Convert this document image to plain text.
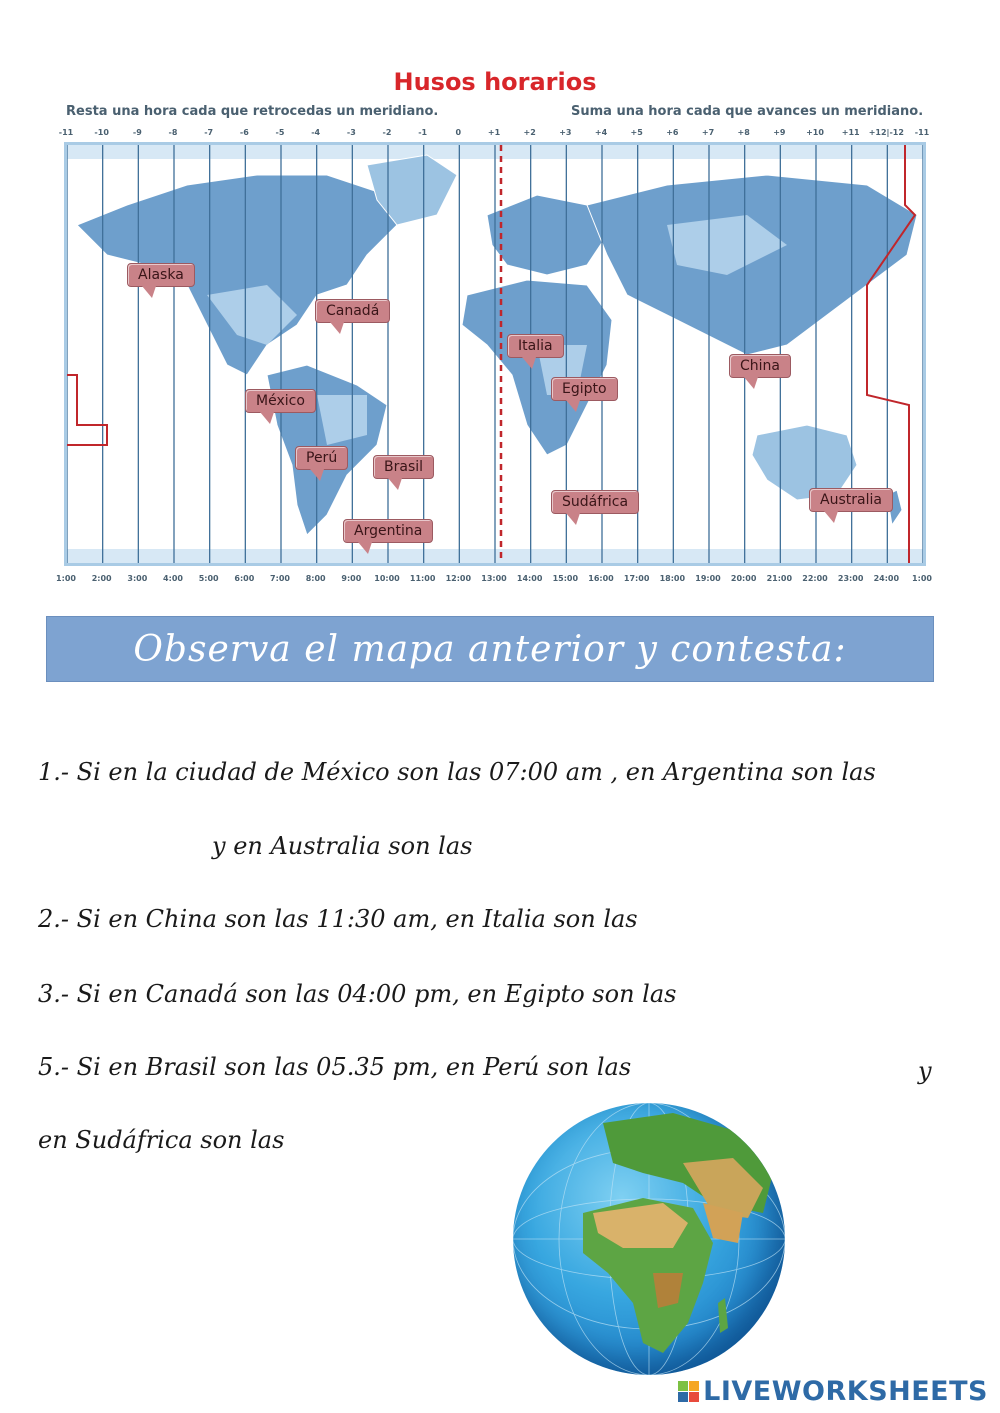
Husos horarios
Resta una hora cada que retrocedas un meridiano.	Suma una hora cada que avances un meridiano.
-11	-10	-9	-8	-7	-6	-5	-4	-3	-2	-1	0	+1	+2	+3	+4	+5	+6	+7	+8	+9	+10 +11 +12|-12 -11
1:00 2:00 3:00 4:00 5:00 6:00 7:00 8:00 9:00 10:00 11:00 12:00 13:00 14:00 15:00 16:00 17:00 18:00 19:00 20:00 21:00 22:00 23:00 24:00 1:00
Alaska
Canadá
Italia
China
México
Egipto
Perú
Brasil
Sudáfrica	Australia
Argentina
Observa el mapa anterior y contesta:
1.- Si en la ciudad de México son las 07:00 am , en Argentina son las
y en Australia son las
2.- Si en China son las 11:30 am, en Italia son las
3.- Si en Canadá son las 04:00 pm, en Egipto son las
5.- Si en Brasil son las 05.35 pm, en Perú son las	y
en Sudáfrica son las
LIVEWORKSHEETS
